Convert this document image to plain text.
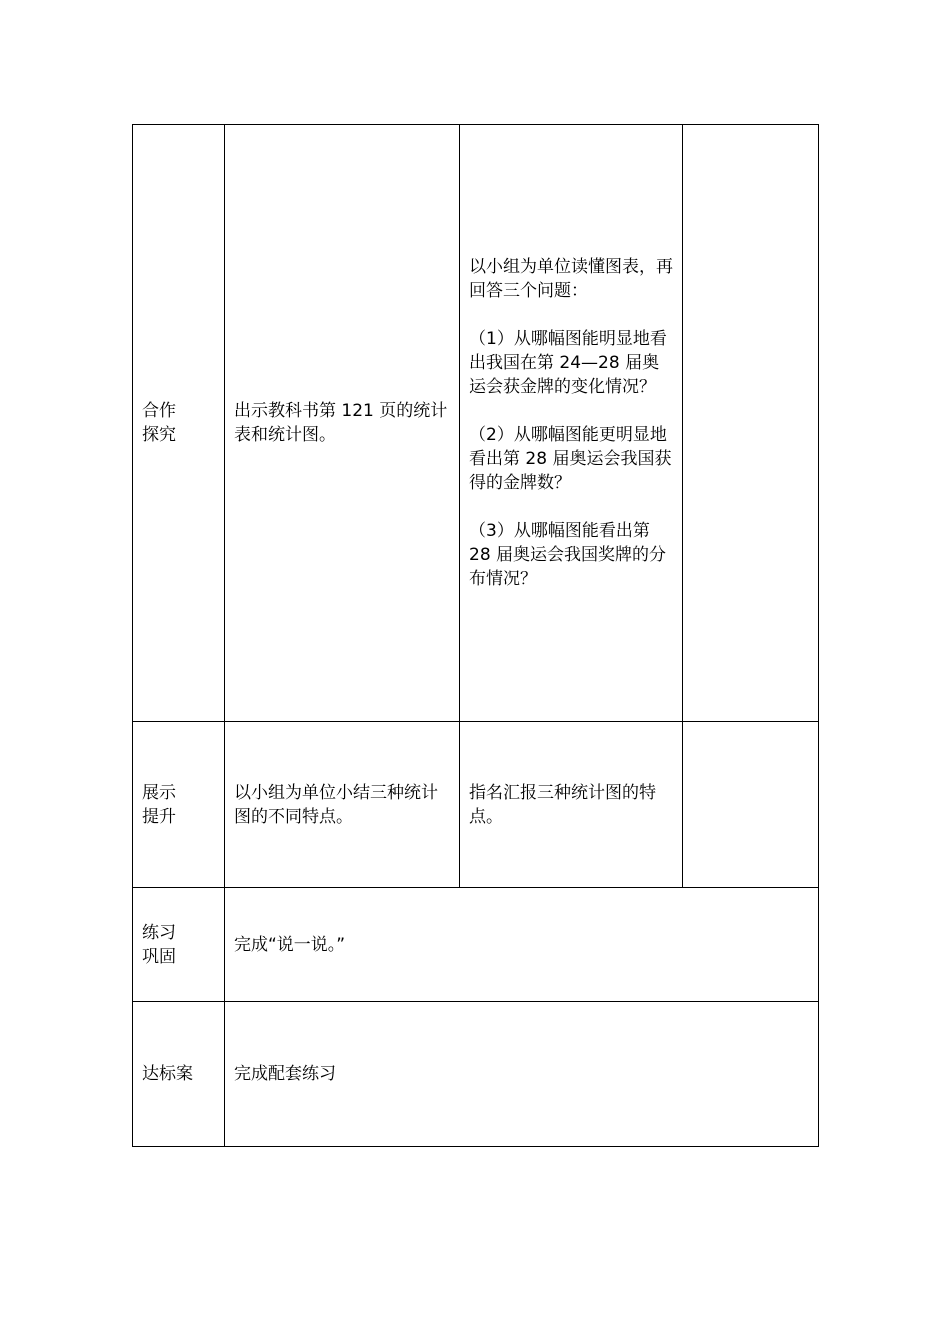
合作
探究	出示教科书第 121 页的统计表和统计图。	以小组为单位读懂图表，再回答三个问题：
（1）从哪幅图能明显地看出我国在第 24—28 届奥运会获金牌的变化情况？
（2）从哪幅图能更明显地看出第 28 届奥运会我国获得的金牌数？
（3）从哪幅图能看出第 28 届奥运会我国奖牌的分布情况？	

展示
提升	以小组为单位小结三种统计图的不同特点。	指名汇报三种统计图的特点。	
练习
巩固	完成“说一说。”		
达标案	完成配套练习		
